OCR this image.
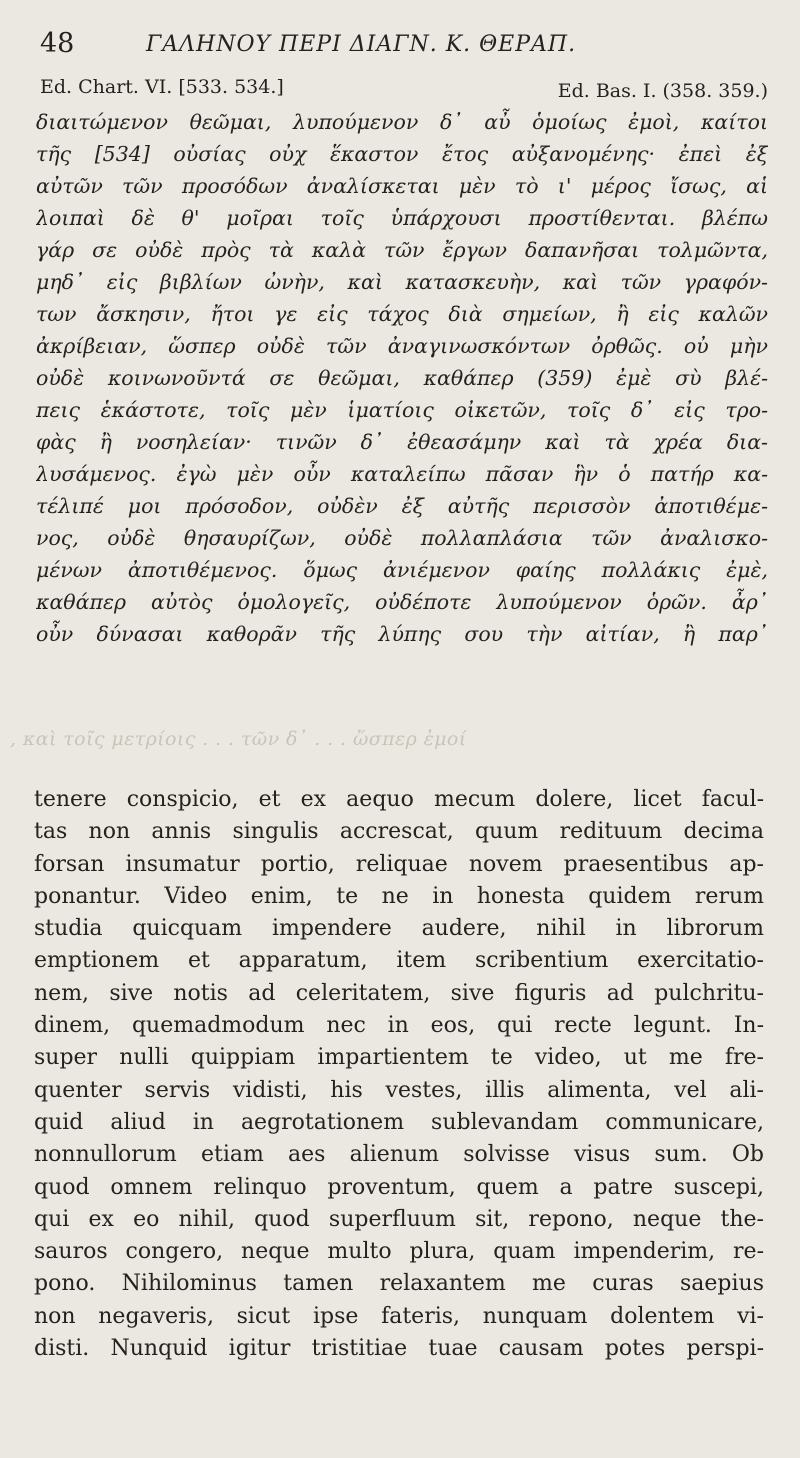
48	ΓΑΛΗΝΟΥ ΠΕΡΙ ΔΙΑΓΝ. Κ. ΘΕΡΑΠ.
Ed. Chart. VI. [533. 534.]	Ed. Bas. I. (358. 359.)
διαιτώμενον θεῶμαι, λυπούμενον δ᾽ αὖ ὁμοίως ἐμοὶ, καίτοι
τῆς [534] οὐσίας οὐχ ἕκαστον ἔτος αὐξανομένης· ἐπεὶ ἐξ
αὐτῶν τῶν προσόδων ἀναλίσκεται μὲν τὸ ι' μέρος ἴσως, αἱ
λοιπαὶ δὲ θ' μοῖραι τοῖς ὑπάρχουσι προστίθενται. βλέπω
γάρ σε οὐδὲ πρὸς τὰ καλὰ τῶν ἔργων δαπανῆσαι τολμῶντα,
μηδ᾽ εἰς βιβλίων ὠνὴν, καὶ κατασκευὴν, καὶ τῶν γραφόν-
των ἄσκησιν, ἤτοι γε εἰς τάχος διὰ σημείων, ἢ εἰς καλῶν
ἀκρίβειαν, ὥσπερ οὐδὲ τῶν ἀναγινωσκόντων ὀρθῶς. οὐ μὴν
οὐδὲ κοινωνοῦντά σε θεῶμαι, καθάπερ (359) ἐμὲ σὺ βλέ-
πεις ἑκάστοτε, τοῖς μὲν ἱματίοις οἰκετῶν, τοῖς δ᾽ εἰς τρο-
φὰς ἢ νοσηλείαν· τινῶν δ᾽ ἐθεασάμην καὶ τὰ χρέα δια-
λυσάμενος. ἐγὼ μὲν οὖν καταλείπω πᾶσαν ἣν ὁ πατήρ κα-
τέλιπέ μοι πρόσοδον, οὐδὲν ἐξ αὐτῆς περισσὸν ἀποτιθέμε-
νος, οὐδὲ θησαυρίζων, οὐδὲ πολλαπλάσια τῶν ἀναλισκο-
μένων ἀποτιθέμενος. ὅμως ἀνιέμενον φαίης πολλάκις ἐμὲ,
καθάπερ αὐτὸς ὁμολογεῖς, οὐδέποτε λυπούμενον ὁρῶν. ἆρ᾽
οὖν δύνασαι καθορᾶν τῆς λύπης σου τὴν αἰτίαν, ἢ παρ᾽
, καὶ τοῖς μετρίοις . . . τῶν δ᾽ . . . ὥσπερ ἐμοί
tenere conspicio, et ex aequo mecum dolere, licet facul-
tas non annis singulis accrescat, quum redituum decima
forsan insumatur portio, reliquae novem praesentibus ap-
ponantur. Video enim, te ne in honesta quidem rerum
studia quicquam impendere audere, nihil in librorum
emptionem et apparatum, item scribentium exercitatio-
nem, sive notis ad celeritatem, sive figuris ad pulchritu-
dinem, quemadmodum nec in eos, qui recte legunt. In-
super nulli quippiam impartientem te video, ut me fre-
quenter servis vidisti, his vestes, illis alimenta, vel ali-
quid aliud in aegrotationem sublevandam communicare,
nonnullorum etiam aes alienum solvisse visus sum. Ob
quod omnem relinquo proventum, quem a patre suscepi,
qui ex eo nihil, quod superfluum sit, repono, neque the-
sauros congero, neque multo plura, quam impenderim, re-
pono. Nihilominus tamen relaxantem me curas saepius
non negaveris, sicut ipse fateris, nunquam dolentem vi-
disti. Nunquid igitur tristitiae tuae causam potes perspi-
